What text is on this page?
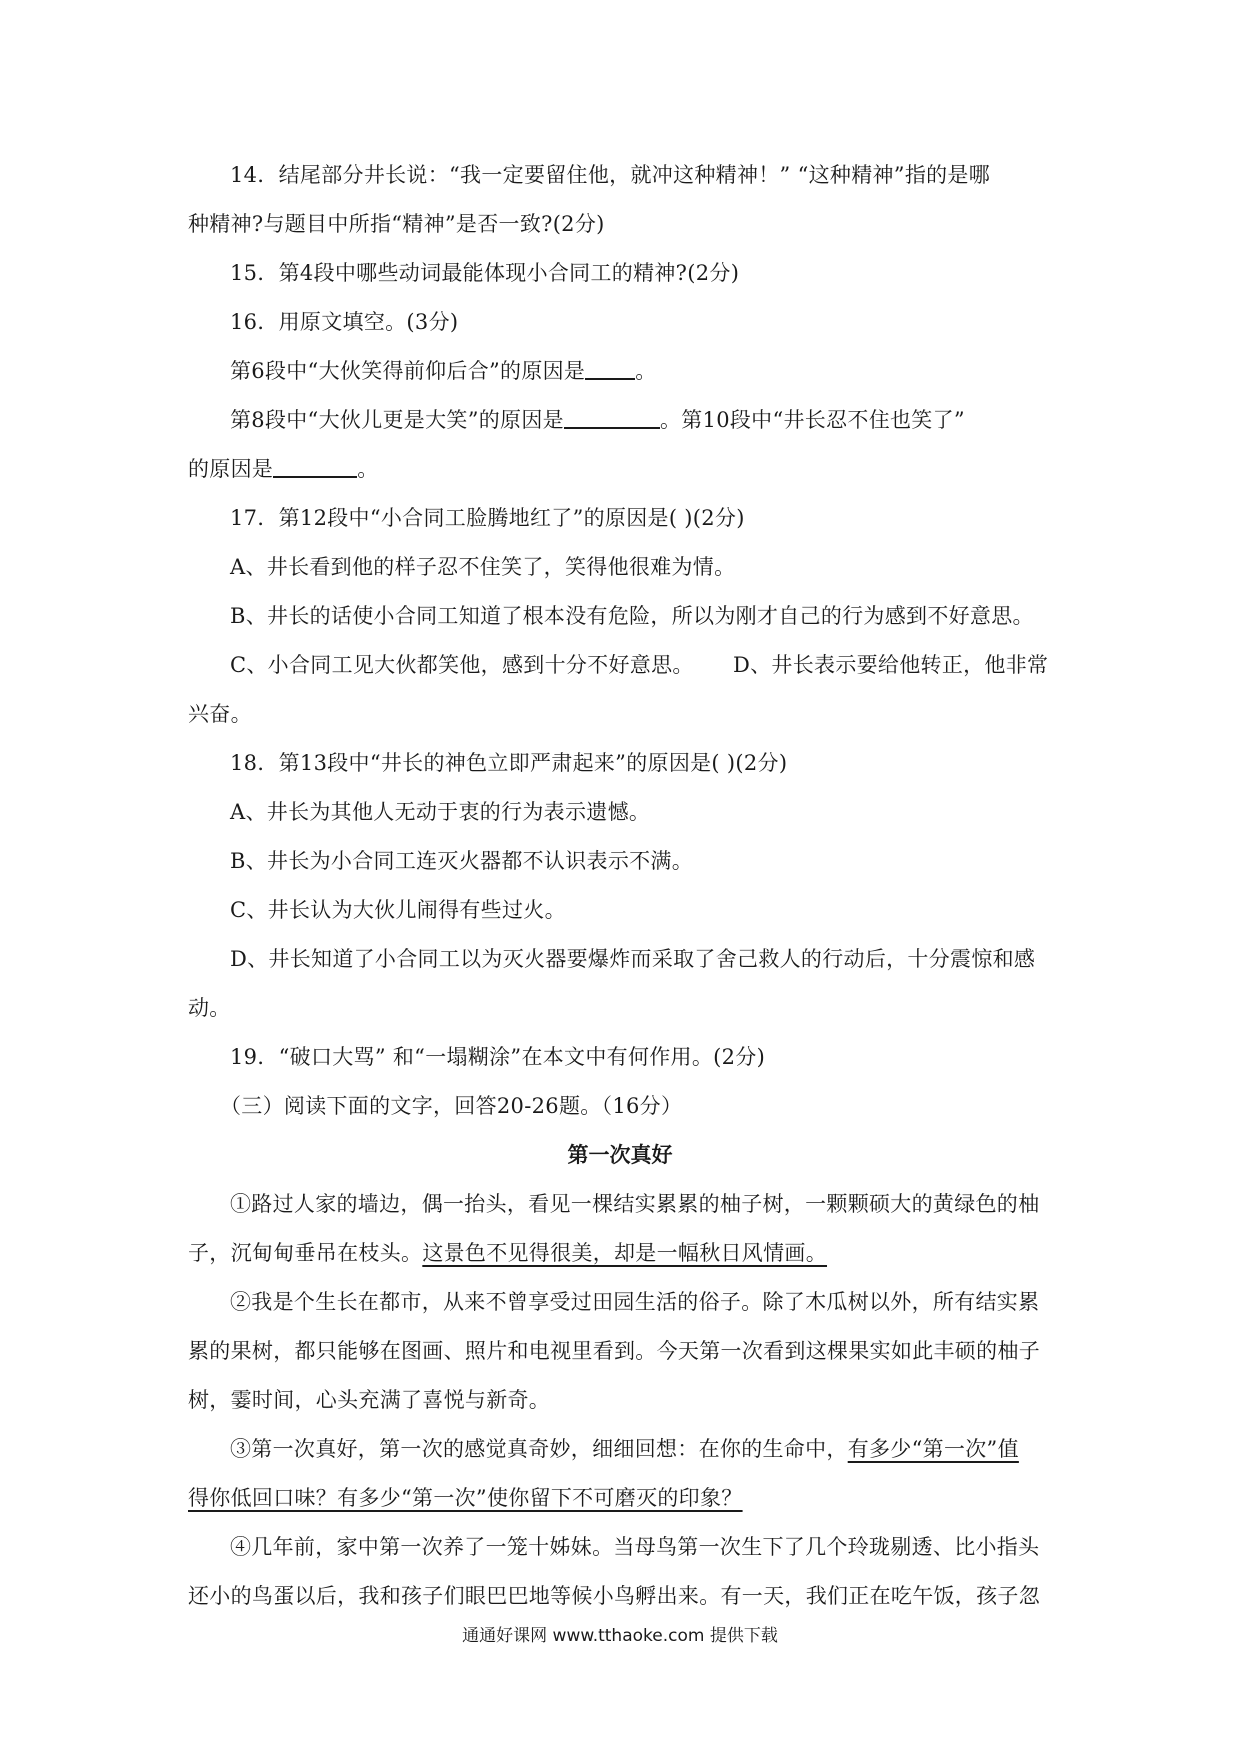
14．结尾部分井长说：“我一定要留住他，就冲这种精神！” “这种精神”指的是哪
种精神?与题目中所指“精神”是否一致?(2分)
15．第4段中哪些动词最能体现小合同工的精神?(2分)
16．用原文填空。(3分)
第6段中“大伙笑得前仰后合”的原因是 。
第8段中“大伙儿更是大笑”的原因是	。第10段中“井长忍不住也笑了”
的原因是	。
17．第12段中“小合同工脸腾地红了”的原因是( )(2分)
A、井长看到他的样子忍不住笑了，笑得他很难为情。
B、井长的话使小合同工知道了根本没有危险，所以为刚才自己的行为感到不好意思。
C、小合同工见大伙都笑他，感到十分不好意思。 D、井长表示要给他转正，他非常
兴奋。
18．第13段中“井长的神色立即严肃起来”的原因是( )(2分)
A、井长为其他人无动于衷的行为表示遗憾。
B、井长为小合同工连灭火器都不认识表示不满。
C、井长认为大伙儿闹得有些过火。
D、井长知道了小合同工以为灭火器要爆炸而采取了舍己救人的行动后，十分震惊和感
动。
19．“破口大骂” 和“一塌糊涂”在本文中有何作用。(2分)
（三）阅读下面的文字，回答20-26题。（16分）
第一次真好
①路过人家的墙边，偶一抬头，看见一棵结实累累的柚子树，一颗颗硕大的黄绿色的柚
子，沉甸甸垂吊在枝头。这景色不见得很美，却是一幅秋日风情画。
②我是个生长在都市，从来不曾享受过田园生活的俗子。除了木瓜树以外，所有结实累
累的果树，都只能够在图画、照片和电视里看到。今天第一次看到这棵果实如此丰硕的柚子
树，霎时间，心头充满了喜悦与新奇。
③第一次真好，第一次的感觉真奇妙，细细回想：在你的生命中，有多少“第一次”值
得你低回口味？有多少“第一次”使你留下不可磨灭的印象？
④几年前，家中第一次养了一笼十姊妹。当母鸟第一次生下了几个玲珑剔透、比小指头
还小的鸟蛋以后，我和孩子们眼巴巴地等候小鸟孵出来。有一天，我们正在吃午饭，孩子忽
通通好课网 www.tthaoke.com 提供下载
